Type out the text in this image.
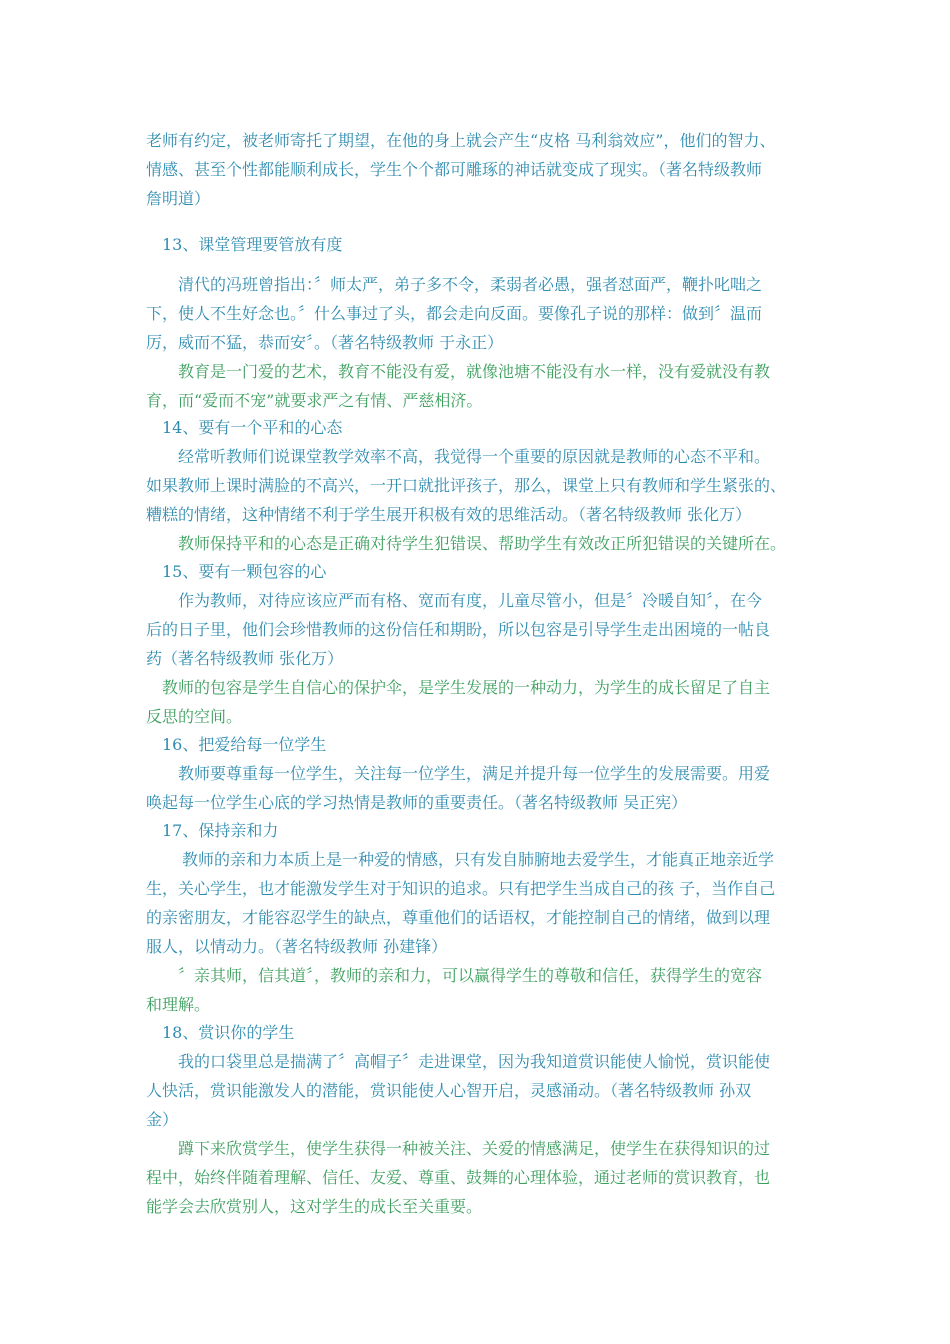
老师有约定，被老师寄托了期望，在他的身上就会产生“皮格 马利翁效应”，他们的智力、
情感、甚至个性都能顺利成长，学生个个都可雕琢的神话就变成了现实。（著名特级教师
詹明道）
13、课堂管理要管放有度
清代的冯班曾指出：〞师太严，弟子多不令，柔弱者必愚，强者怼面严，鞭扑叱咄之
下，使人不生好念也。〞什么事过了头，都会走向反面。要像孔子说的那样：做到〞温而
厉，威而不猛，恭而安〞。（著名特级教师 于永正）
教育是一门爱的艺术，教育不能没有爱，就像池塘不能没有水一样，没有爱就没有教
育，而“爱而不宠”就要求严之有情、严慈相济。
14、要有一个平和的心态
经常听教师们说课堂教学效率不高，我觉得一个重要的原因就是教师的心态不平和。
如果教师上课时满脸的不高兴，一开口就批评孩子，那么，课堂上只有教师和学生紧张的、
糟糕的情绪，这种情绪不利于学生展开积极有效的思维活动。（著名特级教师 张化万）
教师保持平和的心态是正确对待学生犯错误、帮助学生有效改正所犯错误的关键所在。
15、要有一颗包容的心
作为教师，对待应该应严而有格、宽而有度，儿童尽管小，但是〞冷暖自知〞，在今
后的日子里，他们会珍惜教师的这份信任和期盼，所以包容是引导学生走出困境的一帖良
药（著名特级教师 张化万）
教师的包容是学生自信心的保护伞，是学生发展的一种动力，为学生的成长留足了自主
反思的空间。
16、把爱给每一位学生
教师要尊重每一位学生，关注每一位学生，满足并提升每一位学生的发展需要。用爱
唤起每一位学生心底的学习热情是教师的重要责任。（著名特级教师 吴正宪）
17、保持亲和力
教师的亲和力本质上是一种爱的情感，只有发自肺腑地去爱学生，才能真正地亲近学
生，关心学生，也才能激发学生对于知识的追求。只有把学生当成自己的孩 子，当作自己
的亲密朋友，才能容忍学生的缺点，尊重他们的话语权，才能控制自己的情绪，做到以理
服人，以情动力。（著名特级教师 孙建锋）
〞亲其师，信其道〞，教师的亲和力，可以赢得学生的尊敬和信任，获得学生的宽容
和理解。
18、赏识你的学生
我的口袋里总是揣满了〞高帽子〞走进课堂，因为我知道赏识能使人愉悦，赏识能使
人快活，赏识能激发人的潜能，赏识能使人心智开启，灵感涌动。（著名特级教师 孙双
金）
蹲下来欣赏学生，使学生获得一种被关注、关爱的情感满足，使学生在获得知识的过
程中，始终伴随着理解、信任、友爱、尊重、鼓舞的心理体验，通过老师的赏识教育，也
能学会去欣赏别人，这对学生的成长至关重要。
